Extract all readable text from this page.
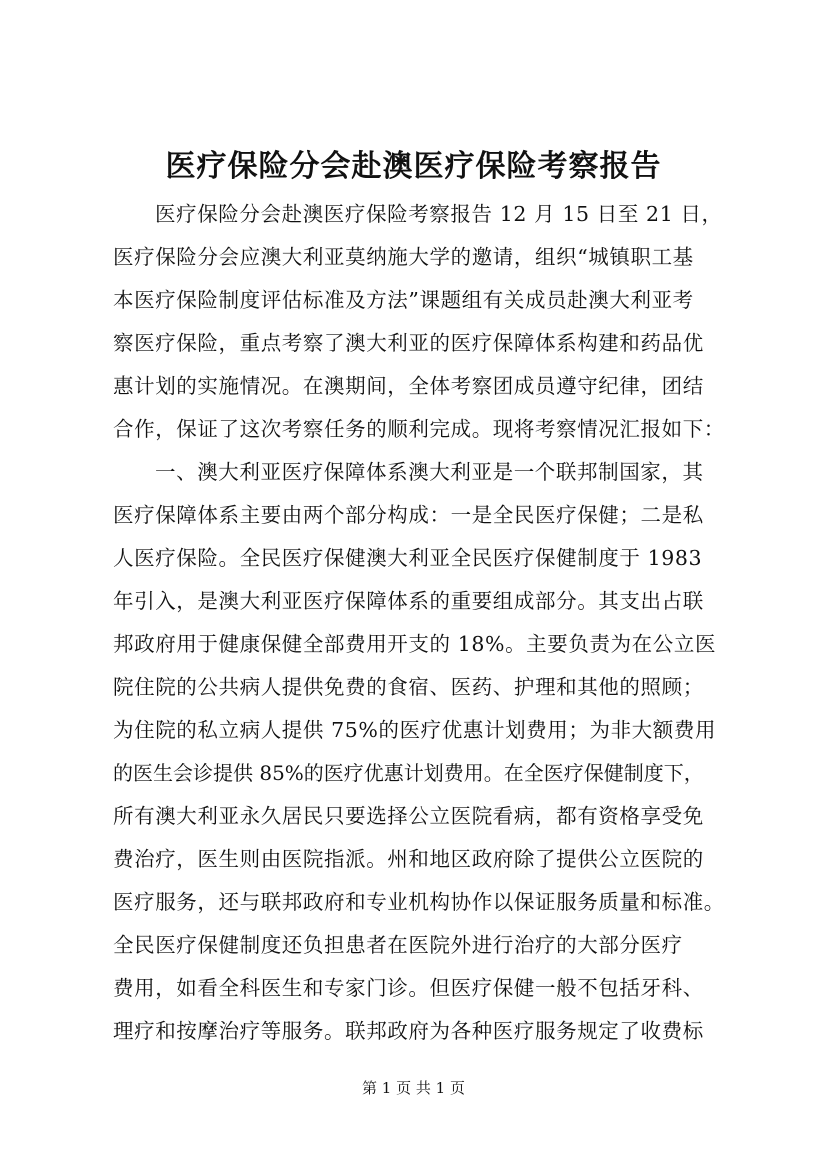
医疗保险分会赴澳医疗保险考察报告
医疗保险分会赴澳医疗保险考察报告 12 月 15 日至 21 日，
医疗保险分会应澳大利亚莫纳施大学的邀请，组织“城镇职工基
本医疗保险制度评估标准及方法”课题组有关成员赴澳大利亚考
察医疗保险，重点考察了澳大利亚的医疗保障体系构建和药品优
惠计划的实施情况。在澳期间，全体考察团成员遵守纪律，团结
合作，保证了这次考察任务的顺利完成。现将考察情况汇报如下：
一、澳大利亚医疗保障体系澳大利亚是一个联邦制国家，其
医疗保障体系主要由两个部分构成：一是全民医疗保健；二是私
人医疗保险。全民医疗保健澳大利亚全民医疗保健制度于 1983
年引入，是澳大利亚医疗保障体系的重要组成部分。其支出占联
邦政府用于健康保健全部费用开支的 18%。主要负责为在公立医
院住院的公共病人提供免费的食宿、医药、护理和其他的照顾；
为住院的私立病人提供 75%的医疗优惠计划费用；为非大额费用
的医生会诊提供 85%的医疗优惠计划费用。在全医疗保健制度下，
所有澳大利亚永久居民只要选择公立医院看病，都有资格享受免
费治疗，医生则由医院指派。州和地区政府除了提供公立医院的
医疗服务，还与联邦政府和专业机构协作以保证服务质量和标准。
全民医疗保健制度还负担患者在医院外进行治疗的大部分医疗
费用，如看全科医生和专家门诊。但医疗保健一般不包括牙科、
理疗和按摩治疗等服务。联邦政府为各种医疗服务规定了收费标
第 1 页 共 1 页
